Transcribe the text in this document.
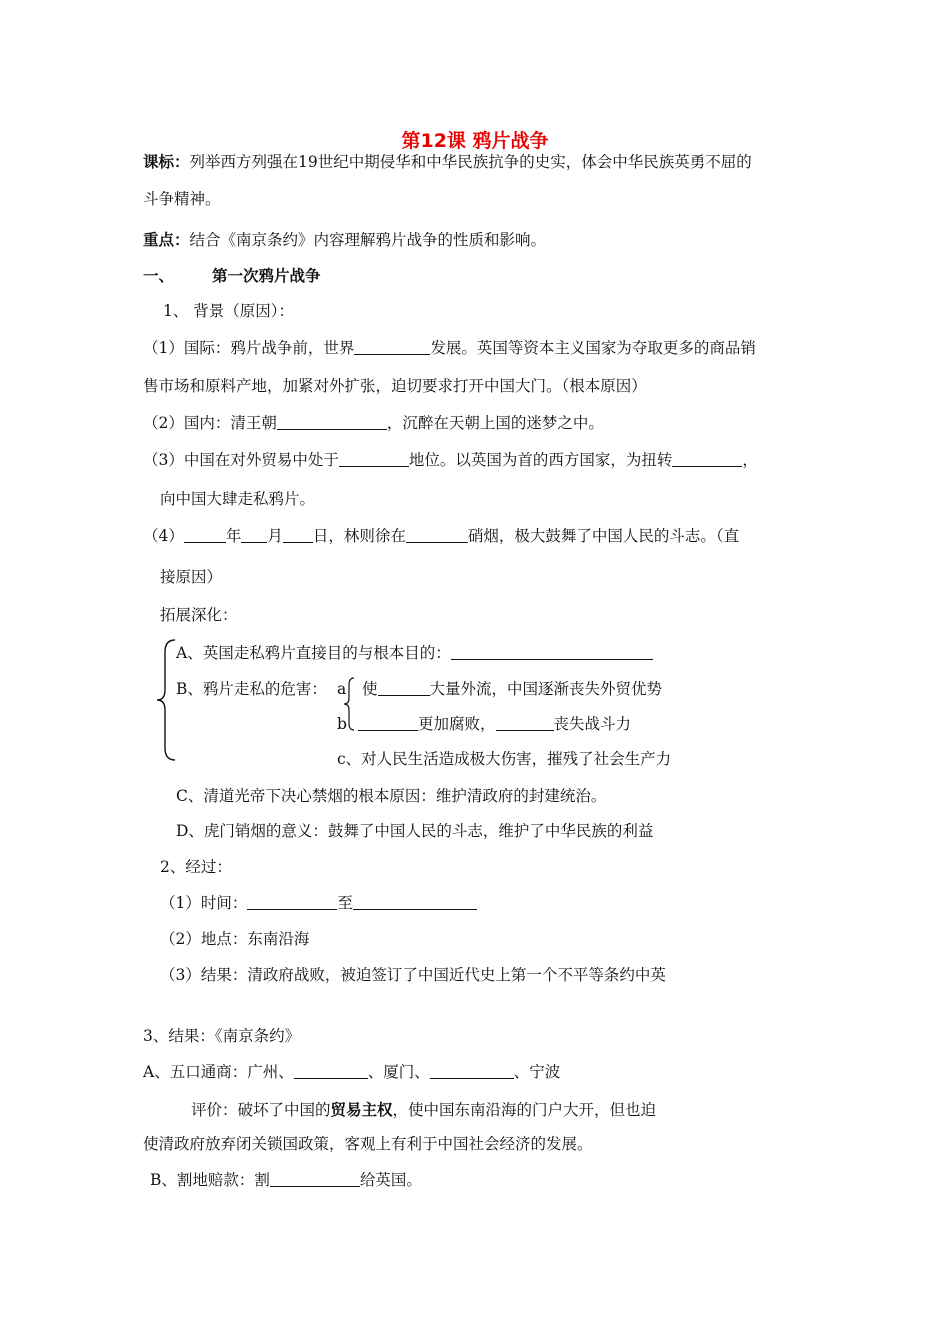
第12课 鸦片战争
课标：列举西方列强在19世纪中期侵华和中华民族抗争的史实，体会中华民族英勇不屈的
斗争精神。
重点：结合《南京条约》内容理解鸦片战争的性质和影响。
一、 第一次鸦片战争
1、 背景（原因）：
（1）国际：鸦片战争前，世界	发展。英国等资本主义国家为夺取更多的商品销
售市场和原料产地，加紧对外扩张，迫切要求打开中国大门。（根本原因）
（2）国内：清王朝	，沉醉在天朝上国的迷梦之中。
（3）中国在对外贸易中处于	地位。以英国为首的西方国家，为扭转	，
向中国大肆走私鸦片。
（4）	年 月 日，林则徐在	硝烟，极大鼓舞了中国人民的斗志。（直
接原因）
拓展深化：
A、英国走私鸦片直接目的与根本目的：
B、鸦片走私的危害： a 使	大量外流，中国逐渐丧失外贸优势
b	更加腐败，	丧失战斗力
c、对人民生活造成极大伤害，摧残了社会生产力
C、清道光帝下决心禁烟的根本原因：维护清政府的封建统治。
D、虎门销烟的意义：鼓舞了中国人民的斗志，维护了中华民族的利益
2、经过：
（1）时间：	至
（2）地点：东南沿海
（3）结果：清政府战败，被迫签订了中国近代史上第一个不平等条约中英
3、结果：《南京条约》
A、五口通商：广州、	、厦门、	、宁波
评价：破坏了中国的贸易主权，使中国东南沿海的门户大开，但也迫
使清政府放弃闭关锁国政策，客观上有利于中国社会经济的发展。
B、割地赔款：割	给英国。
